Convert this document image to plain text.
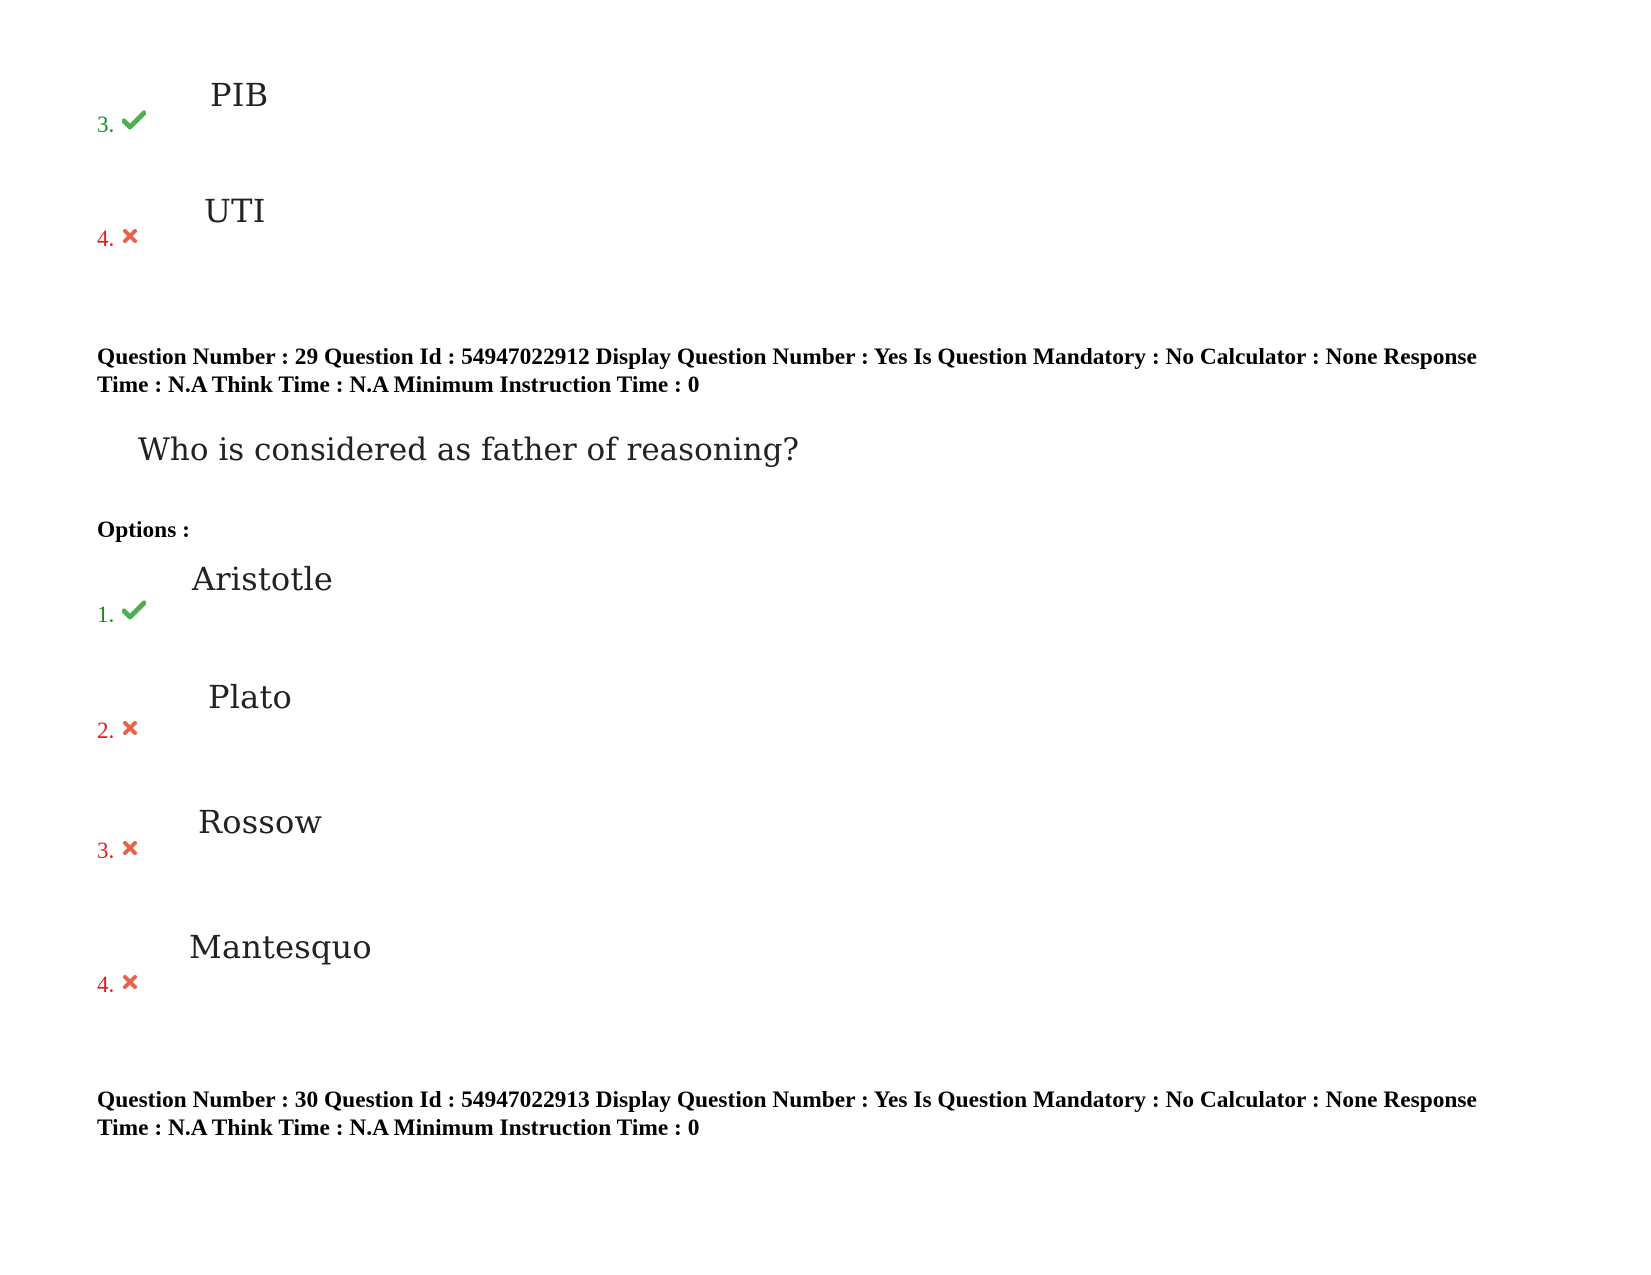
PIB
3.
UTI
4.
Question Number : 29 Question Id : 54947022912 Display Question Number : Yes Is Question Mandatory : No Calculator : None Response
Time : N.A Think Time : N.A Minimum Instruction Time : 0
Who is considered as father of reasoning?
Options :
Aristotle
1.
Plato
2.
Rossow
3.
Mantesquo
4.
Question Number : 30 Question Id : 54947022913 Display Question Number : Yes Is Question Mandatory : No Calculator : None Response
Time : N.A Think Time : N.A Minimum Instruction Time : 0
